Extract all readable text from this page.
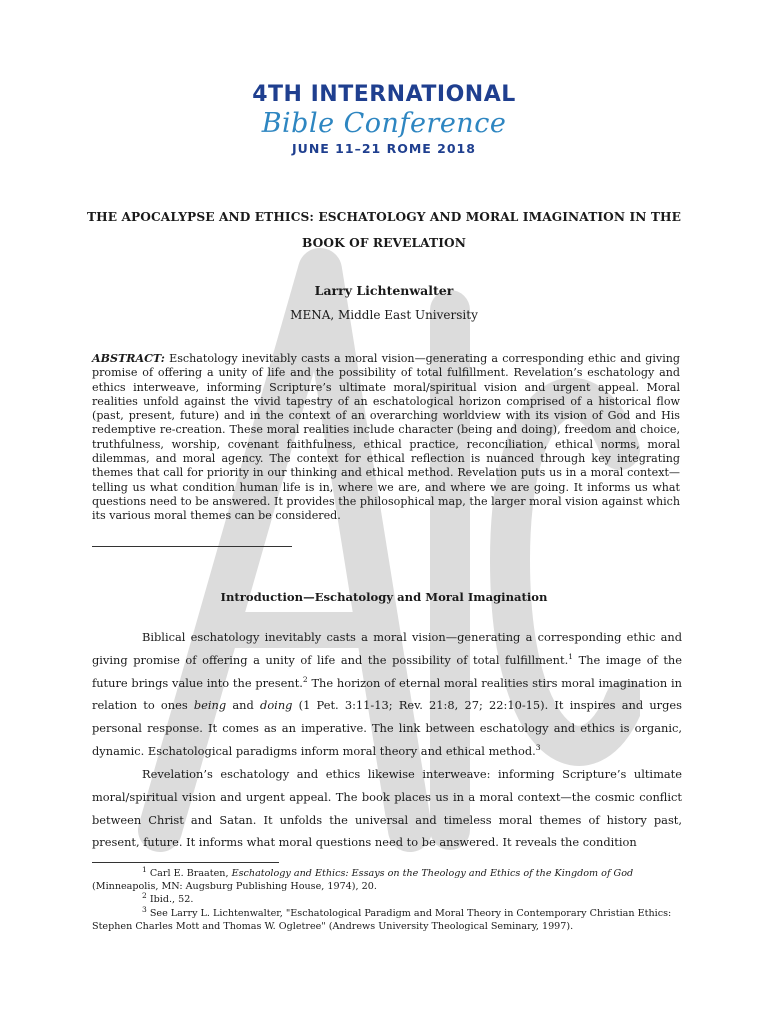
4TH INTERNATIONAL
Bible Conference
JUNE 11–21 ROME 2018
THE APOCALYPSE AND ETHICS: ESCHATOLOGY AND MORAL IMAGINATION IN THE BOOK OF REVELATION
Larry Lichtenwalter
MENA, Middle East University
ABSTRACT: Eschatology inevitably casts a moral vision—generating a corresponding ethic and giving promise of offering a unity of life and the possibility of total fulfillment. Revelation’s eschatology and ethics interweave, informing Scripture’s ultimate moral/spiritual vision and urgent appeal. Moral realities unfold against the vivid tapestry of an eschatological horizon comprised of a historical flow (past, present, future) and in the context of an overarching worldview with its vision of God and His redemptive re-creation. These moral realities include character (being and doing), freedom and choice, truthfulness, worship, covenant faithfulness, ethical practice, reconciliation, ethical norms, moral dilemmas, and moral agency. The context for ethical reflection is nuanced through key integrating themes that call for priority in our thinking and ethical method. Revelation puts us in a moral context—telling us what condition human life is in, where we are, and where we are going. It informs us what questions need to be answered. It provides the philosophical map, the larger moral vision against which its various moral themes can be considered.
Introduction—Eschatology and Moral Imagination
Biblical eschatology inevitably casts a moral vision—generating a corresponding ethic and giving promise of offering a unity of life and the possibility of total fulfillment.$^1$ The image of the future brings value into the present.$^2$ The horizon of eternal moral realities stirs moral imagination in relation to ones being and doing (1 Pet. 3:11-13; Rev. 21:8, 27; 22:10-15). It inspires and urges personal response. It comes as an imperative. The link between eschatology and ethics is organic, dynamic. Eschatological paradigms inform moral theory and ethical method.$^3$
Revelation’s eschatology and ethics likewise interweave: informing Scripture’s ultimate moral/spiritual vision and urgent appeal. The book places us in a moral context—the cosmic conflict between Christ and Satan. It unfolds the universal and timeless moral themes of history past, present, future. It informs what moral questions need to be answered. It reveals the condition

$^1$ Carl E. Braaten, Eschatology and Ethics: Essays on the Theology and Ethics of the Kingdom of God (Minneapolis, MN: Augsburg Publishing House, 1974), 20.

$^2$ Ibid., 52.

$^3$ See Larry L. Lichtenwalter, "Eschatological Paradigm and Moral Theory in Contemporary Christian Ethics: Stephen Charles Mott and Thomas W. Ogletree" (Andrews University Theological Seminary, 1997).
